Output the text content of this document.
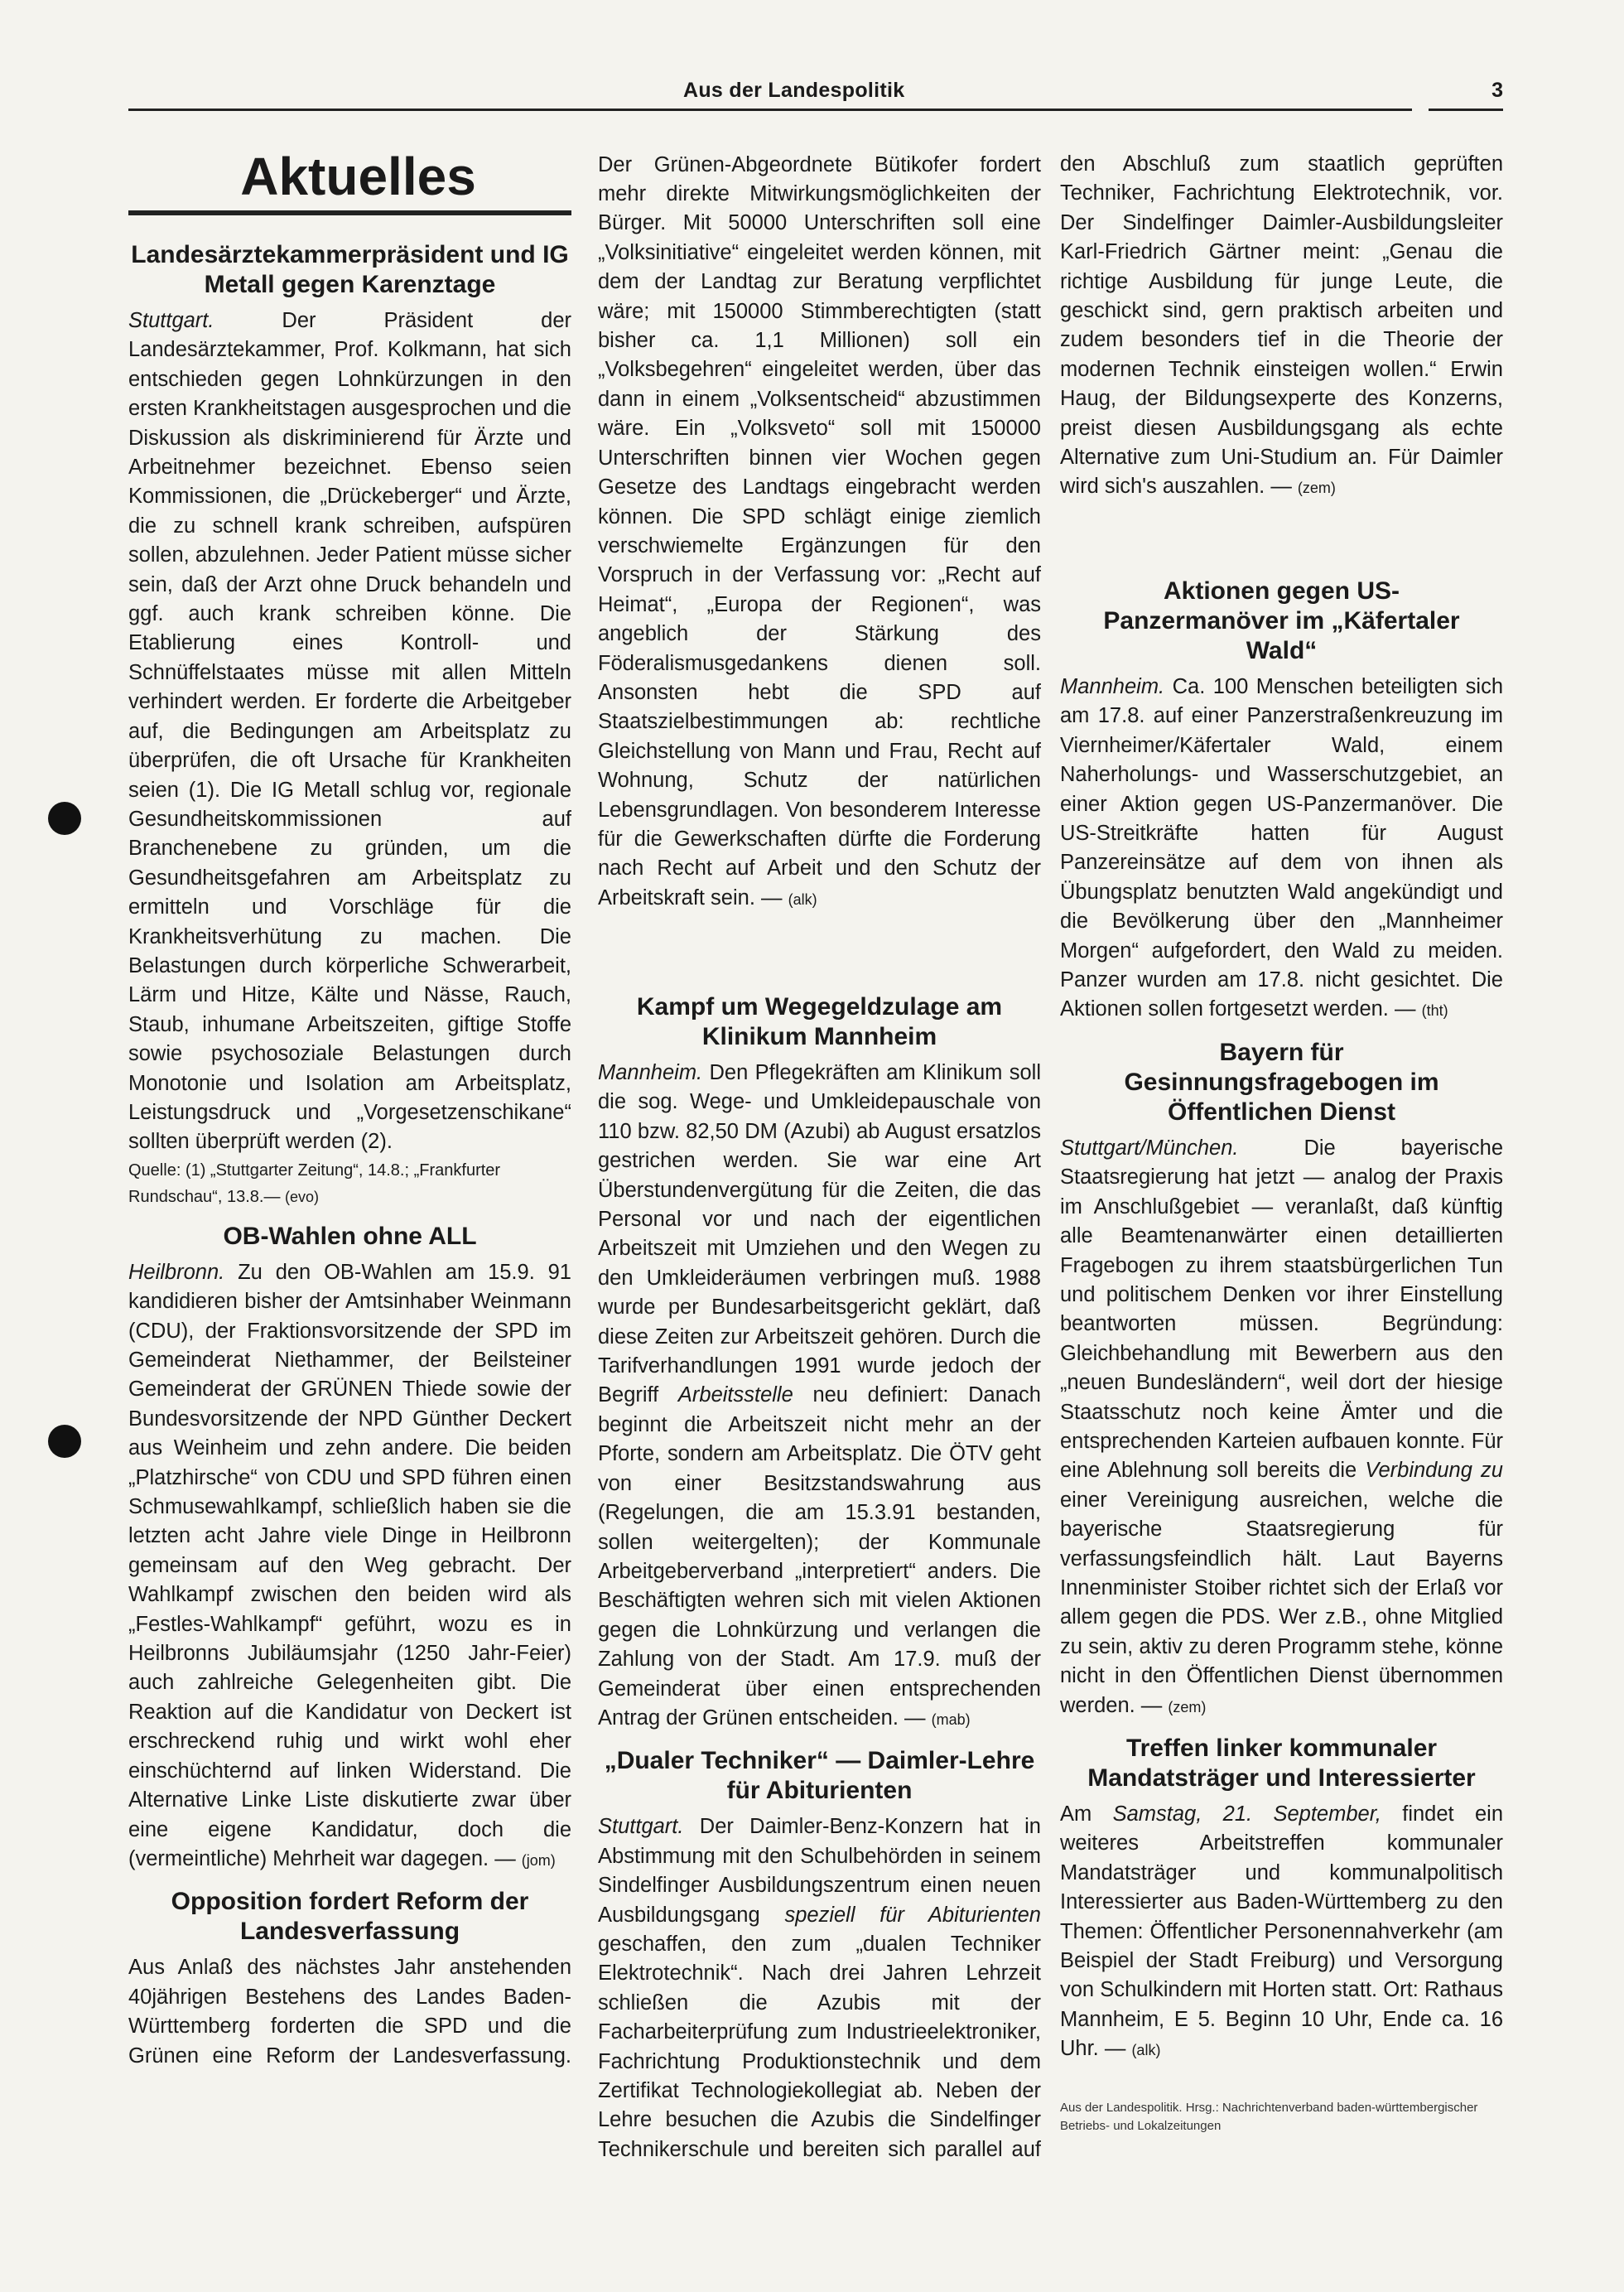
Aus der Landespolitik	3
Aktuelles
Landesärztekammerpräsident und IG Metall gegen Karenztage

Stuttgart. Der Präsident der Landesärztekammer, Prof. Kolkmann, hat sich entschieden gegen Lohnkürzungen in den ersten Krankheitstagen ausgesprochen und die Diskussion als diskriminierend für Ärzte und Arbeitnehmer bezeichnet. Ebenso seien Kommissionen, die „Drückeberger“ und Ärzte, die zu schnell krank schreiben, aufspüren sollen, abzulehnen. Jeder Patient müsse sicher sein, daß der Arzt ohne Druck behandeln und ggf. auch krank schreiben könne. Die Etablierung eines Kontroll- und Schnüffelstaates müsse mit allen Mitteln verhindert werden. Er forderte die Arbeitgeber auf, die Bedingungen am Arbeitsplatz zu überprüfen, die oft Ursache für Krankheiten seien (1). Die IG Metall schlug vor, regionale Gesundheitskommissionen auf Branchenebene zu gründen, um die Gesundheitsgefahren am Arbeitsplatz zu ermitteln und Vorschläge für die Krankheitsverhütung zu machen. Die Belastungen durch körperliche Schwerarbeit, Lärm und Hitze, Kälte und Nässe, Rauch, Staub, inhumane Arbeitszeiten, giftige Stoffe sowie psychosoziale Belastungen durch Monotonie und Isolation am Arbeitsplatz, Leistungsdruck und „Vorgesetzenschikane“ sollten überprüft werden (2).

Quelle: (1) „Stuttgarter Zeitung“, 14.8.; „Frankfurter Rundschau“, 13.8.— (evo)

OB-Wahlen ohne ALL

Heilbronn. Zu den OB-Wahlen am 15.9. 91 kandidieren bisher der Amtsinhaber Weinmann (CDU), der Fraktionsvorsitzende der SPD im Gemeinderat Niethammer, der Beilsteiner Gemeinderat der GRÜNEN Thiede sowie der Bundesvorsitzende der NPD Günther Deckert aus Weinheim und zehn andere. Die beiden „Platzhirsche“ von CDU und SPD führen einen Schmusewahlkampf, schließlich haben sie die letzten acht Jahre viele Dinge in Heilbronn gemeinsam auf den Weg gebracht. Der Wahlkampf zwischen den beiden wird als „Festles-Wahlkampf“ geführt, wozu es in Heilbronns Jubiläumsjahr (1250 Jahr-Feier) auch zahlreiche Gelegenheiten gibt. Die Reaktion auf die Kandidatur von Deckert ist erschreckend ruhig und wirkt wohl eher einschüchternd auf linken Widerstand. Die Alternative Linke Liste diskutierte zwar über eine eigene Kandidatur, doch die (vermeintliche) Mehrheit war dagegen. — (jom)

Opposition fordert Reform der Landesverfassung

Aus Anlaß des nächstes Jahr anstehenden 40jährigen Bestehens des Landes Baden-Württemberg forderten die SPD und die Grünen eine Reform der Landesverfassung.

Der Grünen-Abgeordnete Bütikofer fordert mehr direkte Mitwirkungsmöglichkeiten der Bürger. Mit 50000 Unterschriften soll eine „Volksinitiative“ eingeleitet werden können, mit dem der Landtag zur Beratung verpflichtet wäre; mit 150000 Stimmberechtigten (statt bisher ca. 1,1 Millionen) soll ein „Volksbegehren“ eingeleitet werden, über das dann in einem „Volksentscheid“ abzustimmen wäre. Ein „Volksveto“ soll mit 150000 Unterschriften binnen vier Wochen gegen Gesetze des Landtags eingebracht werden können. Die SPD schlägt einige ziemlich verschwiemelte Ergänzungen für den Vorspruch in der Verfassung vor: „Recht auf Heimat“, „Europa der Regionen“, was angeblich der Stärkung des Föderalismusgedankens dienen soll. Ansonsten hebt die SPD auf Staatszielbestimmungen ab: rechtliche Gleichstellung von Mann und Frau, Recht auf Wohnung, Schutz der natürlichen Lebensgrundlagen. Von besonderem Interesse für die Gewerkschaften dürfte die Forderung nach Recht auf Arbeit und den Schutz der Arbeitskraft sein. — (alk)

Kampf um Wegegeldzulage am Klinikum Mannheim

Mannheim. Den Pflegekräften am Klinikum soll die sog. Wege- und Umkleidepauschale von 110 bzw. 82,50 DM (Azubi) ab August ersatzlos gestrichen werden. Sie war eine Art Überstundenvergütung für die Zeiten, die das Personal vor und nach der eigentlichen Arbeitszeit mit Umziehen und den Wegen zu den Umkleideräumen verbringen muß. 1988 wurde per Bundesarbeitsgericht geklärt, daß diese Zeiten zur Arbeitszeit gehören. Durch die Tarifverhandlungen 1991 wurde jedoch der Begriff Arbeitsstelle neu definiert: Danach beginnt die Arbeitszeit nicht mehr an der Pforte, sondern am Arbeitsplatz. Die ÖTV geht von einer Besitzstandswahrung aus (Regelungen, die am 15.3.91 bestanden, sollen weitergelten); der Kommunale Arbeitgeberverband „interpretiert“ anders. Die Beschäftigten wehren sich mit vielen Aktionen gegen die Lohnkürzung und verlangen die Zahlung von der Stadt. Am 17.9. muß der Gemeinderat über einen entsprechenden Antrag der Grünen entscheiden. — (mab)

„Dualer Techniker“ — Daimler-Lehre für Abiturienten

Stuttgart. Der Daimler-Benz-Konzern hat in Abstimmung mit den Schulbehörden in seinem Sindelfinger Ausbildungszentrum einen neuen Ausbildungsgang speziell für Abiturienten geschaffen, den zum „dualen Techniker Elektrotechnik“. Nach drei Jahren Lehrzeit schließen die Azubis mit der Facharbeiterprüfung zum Industrieelektroniker, Fachrichtung Produktionstechnik und dem Zertifikat Technologiekollegiat ab. Neben der Lehre besuchen die Azubis die Sindelfinger Technikerschule und bereiten sich parallel auf

den Abschluß zum staatlich geprüften Techniker, Fachrichtung Elektrotechnik, vor. Der Sindelfinger Daimler-Ausbildungsleiter Karl-Friedrich Gärtner meint: „Genau die richtige Ausbildung für junge Leute, die geschickt sind, gern praktisch arbeiten und zudem besonders tief in die Theorie der modernen Technik einsteigen wollen.“ Erwin Haug, der Bildungsexperte des Konzerns, preist diesen Ausbildungsgang als echte Alternative zum Uni-Studium an. Für Daimler wird sich's auszahlen. — (zem)

Aktionen gegen US-Panzermanöver im „Käfertaler Wald“

Mannheim. Ca. 100 Menschen beteiligten sich am 17.8. auf einer Panzerstraßenkreuzung im Viernheimer/Käfertaler Wald, einem Naherholungs- und Wasserschutzgebiet, an einer Aktion gegen US-Panzermanöver. Die US-Streitkräfte hatten für August Panzereinsätze auf dem von ihnen als Übungsplatz benutzten Wald angekündigt und die Bevölkerung über den „Mannheimer Morgen“ aufgefordert, den Wald zu meiden. Panzer wurden am 17.8. nicht gesichtet. Die Aktionen sollen fortgesetzt werden. — (tht)

Bayern für Gesinnungsfragebogen im Öffentlichen Dienst

Stuttgart/München. Die bayerische Staatsregierung hat jetzt — analog der Praxis im Anschlußgebiet — veranlaßt, daß künftig alle Beamtenanwärter einen detaillierten Fragebogen zu ihrem staatsbürgerlichen Tun und politischem Denken vor ihrer Einstellung beantworten müssen. Begründung: Gleichbehandlung mit Bewerbern aus den „neuen Bundesländern“, weil dort der hiesige Staatsschutz noch keine Ämter und die entsprechenden Karteien aufbauen konnte. Für eine Ablehnung soll bereits die Verbindung zu einer Vereinigung ausreichen, welche die bayerische Staatsregierung für verfassungsfeindlich hält. Laut Bayerns Innenminister Stoiber richtet sich der Erlaß vor allem gegen die PDS. Wer z.B., ohne Mitglied zu sein, aktiv zu deren Programm stehe, könne nicht in den Öffentlichen Dienst übernommen werden. — (zem)

Treffen linker kommunaler Mandatsträger und Interessierter

Am Samstag, 21. September, findet ein weiteres Arbeitstreffen kommunaler Mandatsträger und kommunalpolitisch Interessierter aus Baden-Württemberg zu den Themen: Öffentlicher Personennahverkehr (am Beispiel der Stadt Freiburg) und Versorgung von Schulkindern mit Horten statt. Ort: Rathaus Mannheim, E 5. Beginn 10 Uhr, Ende ca. 16 Uhr. — (alk)

Aus der Landespolitik. Hrsg.: Nachrichtenverband baden-württembergischer Betriebs- und Lokalzeitungen
